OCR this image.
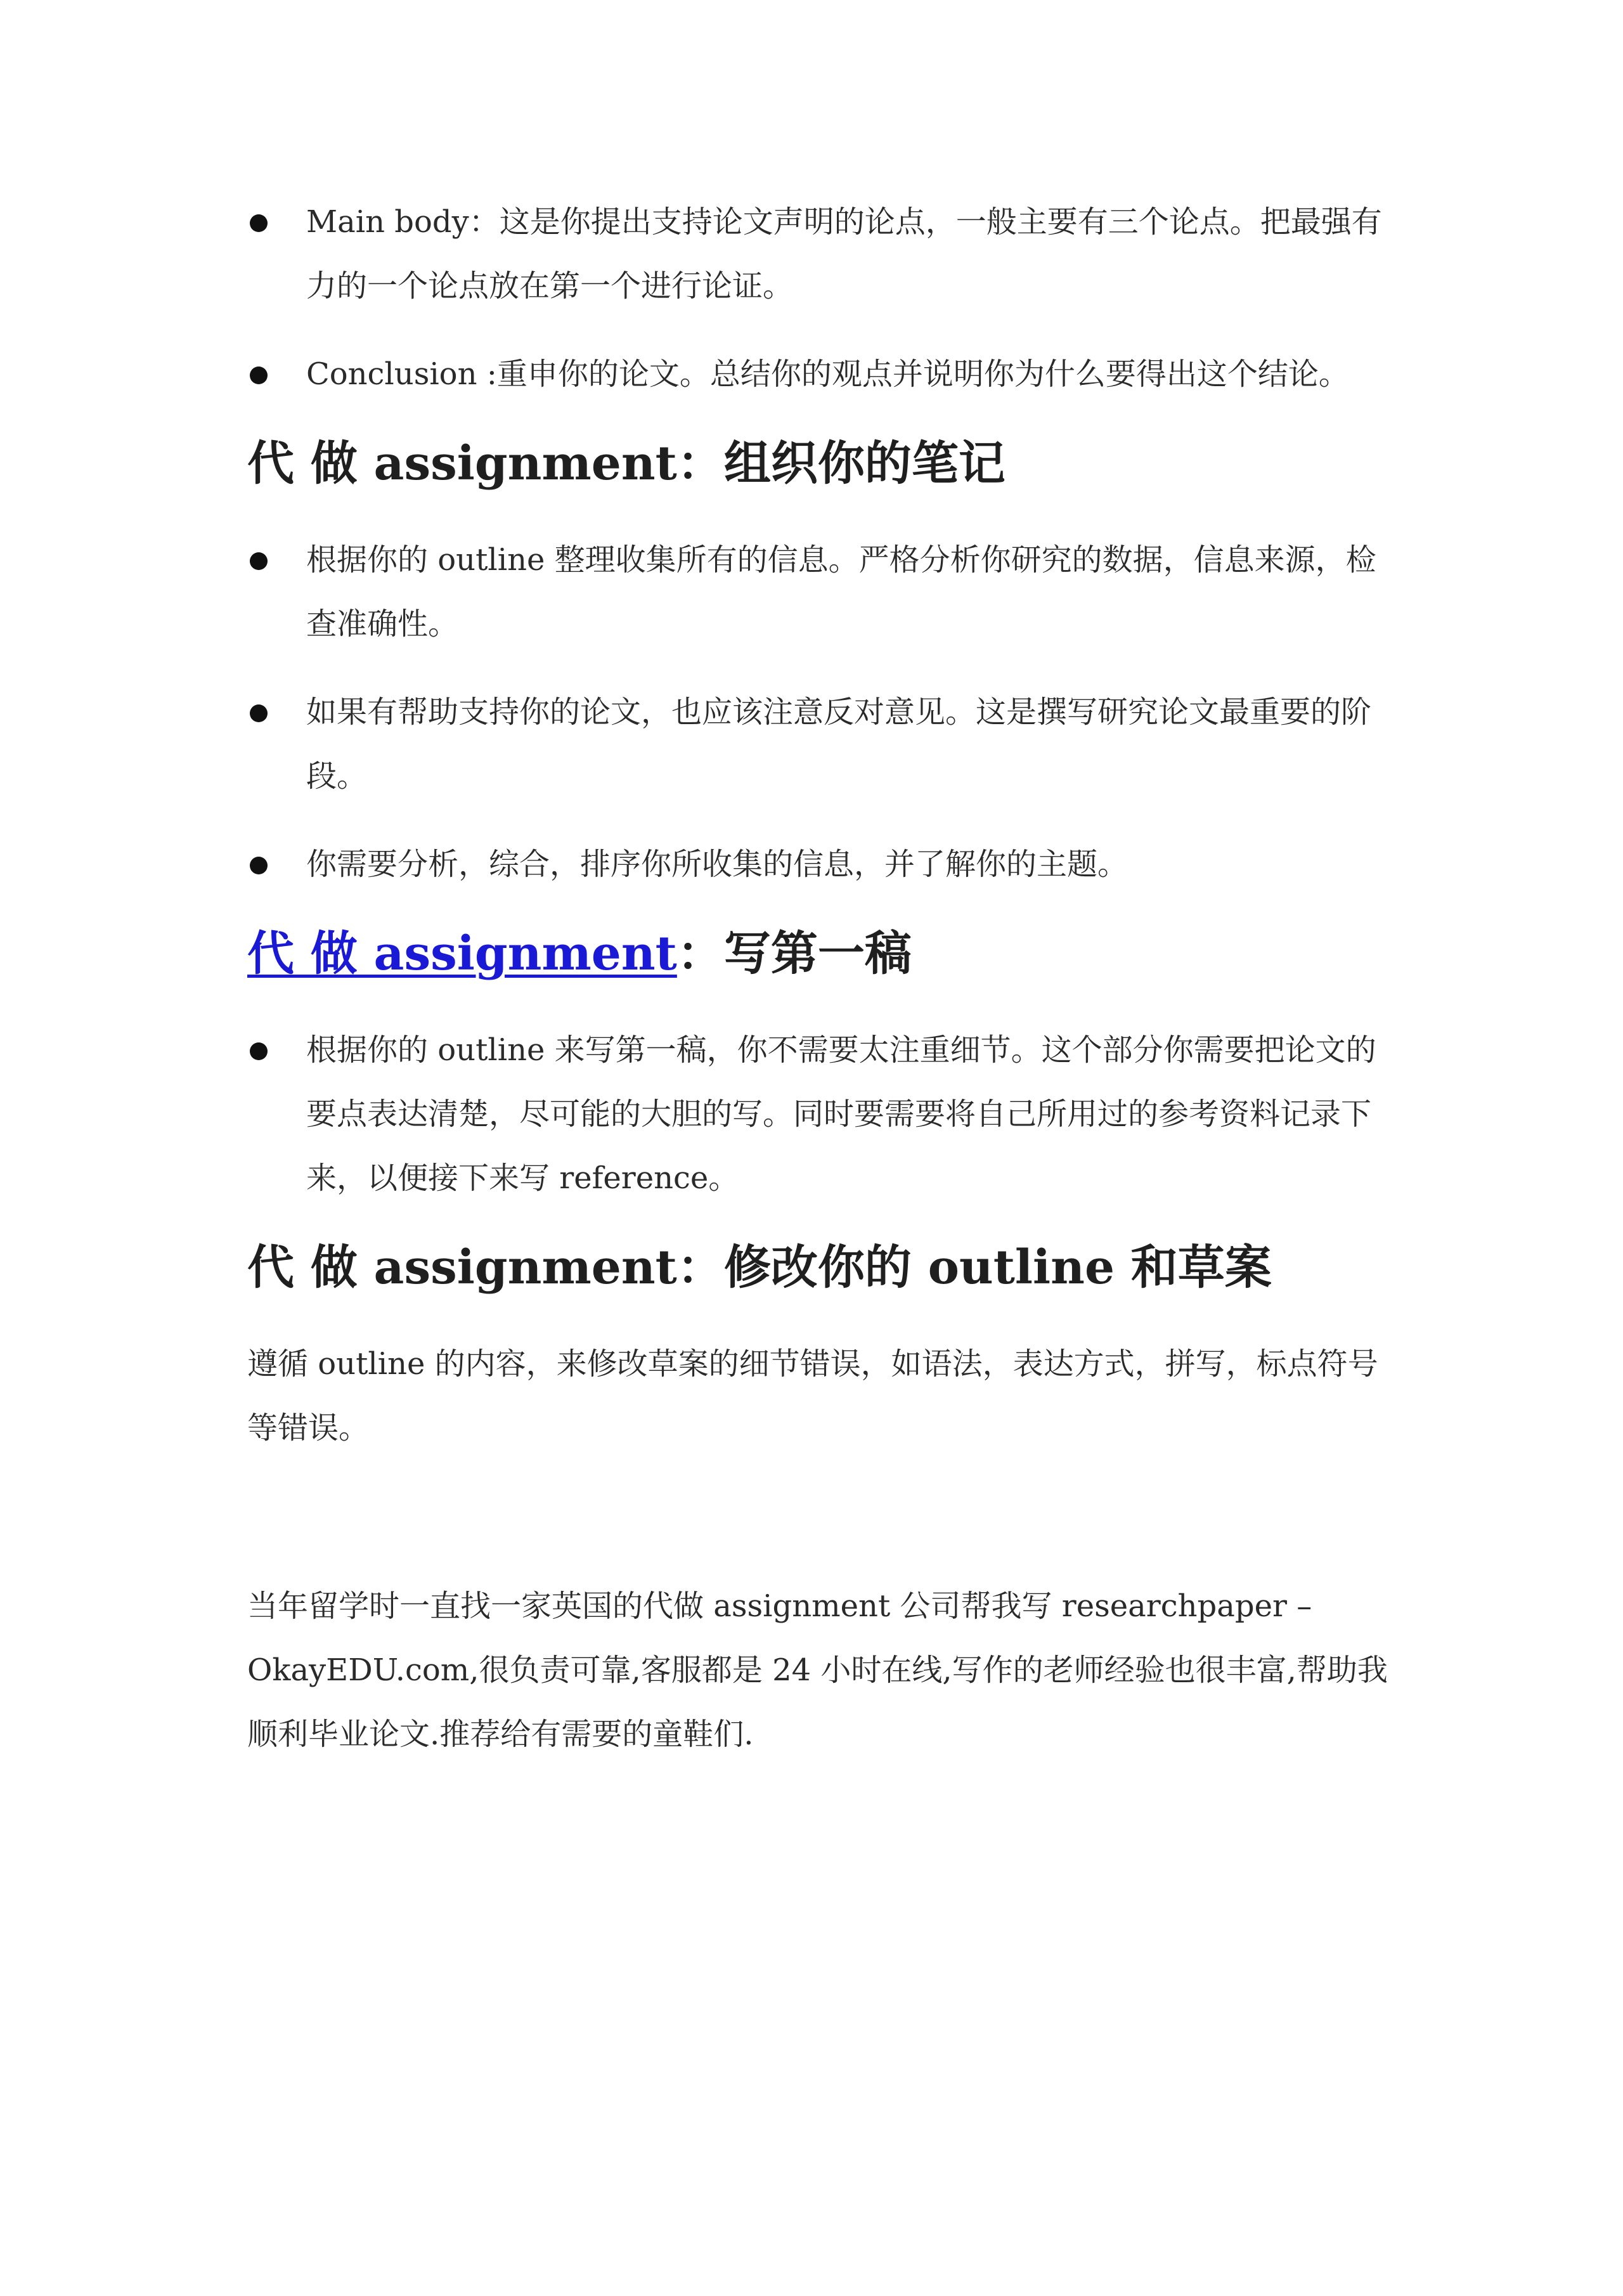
Main body：这是你提出支持论文声明的论点，一般主要有三个论点。把最强有力的一个论点放在第一个进行论证。
Conclusion :重申你的论文。总结你的观点并说明你为什么要得出这个结论。
代 做 assignment：组织你的笔记
根据你的 outline 整理收集所有的信息。严格分析你研究的数据，信息来源，检查准确性。
如果有帮助支持你的论文，也应该注意反对意见。这是撰写研究论文最重要的阶段。
你需要分析，综合，排序你所收集的信息，并了解你的主题。
代 做 assignment：写第一稿
根据你的 outline 来写第一稿，你不需要太注重细节。这个部分你需要把论文的要点表达清楚，尽可能的大胆的写。同时要需要将自己所用过的参考资料记录下来，以便接下来写 reference。
代 做 assignment：修改你的 outline 和草案

遵循 outline 的内容，来修改草案的细节错误，如语法，表达方式，拼写，标点符号等错误。

当年留学时一直找一家英国的代做 assignment 公司帮我写 researchpaper – OkayEDU.com,很负责可靠,客服都是 24 小时在线,写作的老师经验也很丰富,帮助我顺利毕业论文.推荐给有需要的童鞋们.
